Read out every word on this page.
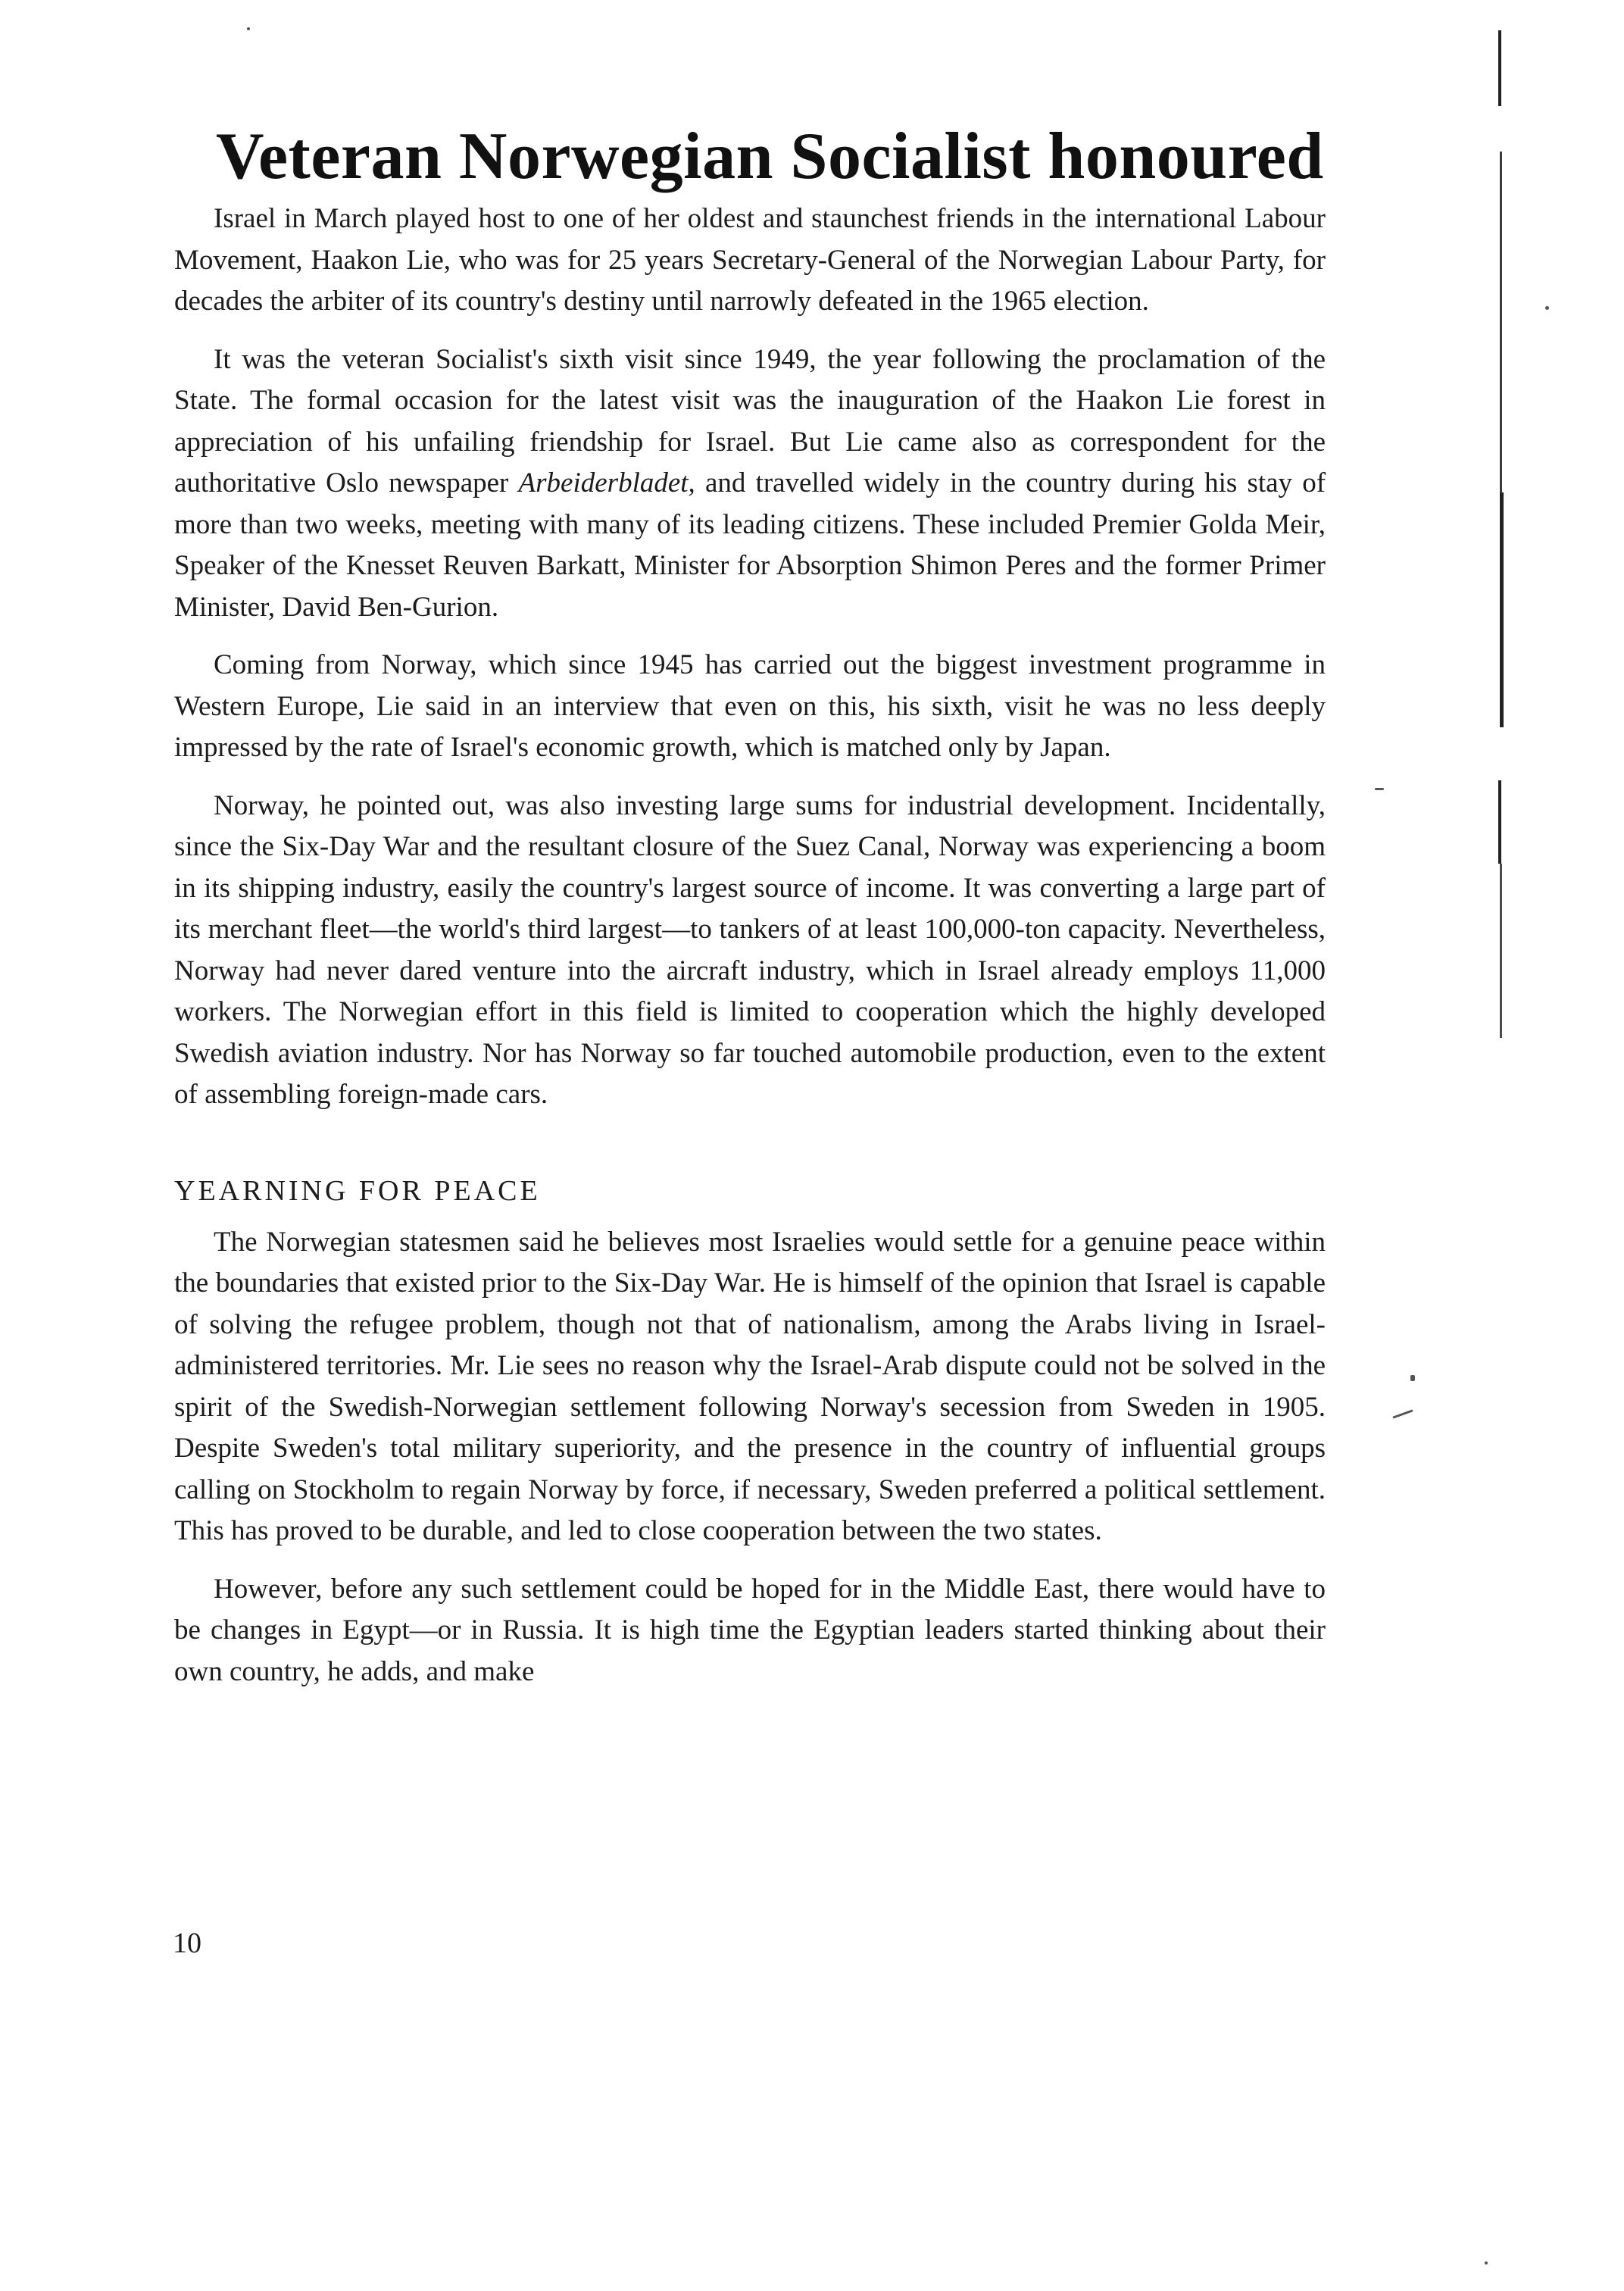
Veteran Norwegian Socialist honoured

Israel in March played host to one of her oldest and staunchest friends in the international Labour Movement, Haakon Lie, who was for 25 years Secretary-General of the Norwegian Labour Party, for decades the arbiter of its country's destiny until narrowly defeated in the 1965 election.

It was the veteran Socialist's sixth visit since 1949, the year following the proclamation of the State. The formal occasion for the latest visit was the inauguration of the Haakon Lie forest in appreciation of his unfailing friendship for Israel. But Lie came also as correspondent for the authoritative Oslo newspaper Arbeiderbladet, and travelled widely in the country during his stay of more than two weeks, meeting with many of its leading citizens. These included Premier Golda Meir, Speaker of the Knesset Reuven Barkatt, Minister for Absorption Shimon Peres and the former Primer Minister, David Ben-Gurion.

Coming from Norway, which since 1945 has carried out the biggest investment programme in Western Europe, Lie said in an interview that even on this, his sixth, visit he was no less deeply impressed by the rate of Israel's economic growth, which is matched only by Japan.

Norway, he pointed out, was also investing large sums for industrial development. Incidentally, since the Six-Day War and the resultant closure of the Suez Canal, Norway was experiencing a boom in its shipping industry, easily the country's largest source of income. It was converting a large part of its merchant fleet—the world's third largest—to tankers of at least 100,000-ton capacity. Nevertheless, Norway had never dared venture into the aircraft industry, which in Israel already employs 11,000 workers. The Norwegian effort in this field is limited to cooperation which the highly developed Swedish aviation industry. Nor has Norway so far touched automobile production, even to the extent of assembling foreign-made cars.

YEARNING FOR PEACE

The Norwegian statesmen said he believes most Israelies would settle for a genuine peace within the boundaries that existed prior to the Six-Day War. He is himself of the opinion that Israel is capable of solving the refugee problem, though not that of nationalism, among the Arabs living in Israel-administered territories. Mr. Lie sees no reason why the Israel-Arab dispute could not be solved in the spirit of the Swedish-Norwegian settlement following Norway's secession from Sweden in 1905. Despite Sweden's total military superiority, and the presence in the country of influential groups calling on Stockholm to regain Norway by force, if necessary, Sweden preferred a political settlement. This has proved to be durable, and led to close cooperation between the two states.

However, before any such settlement could be hoped for in the Middle East, there would have to be changes in Egypt—or in Russia. It is high time the Egyptian leaders started thinking about their own country, he adds, and make

10
